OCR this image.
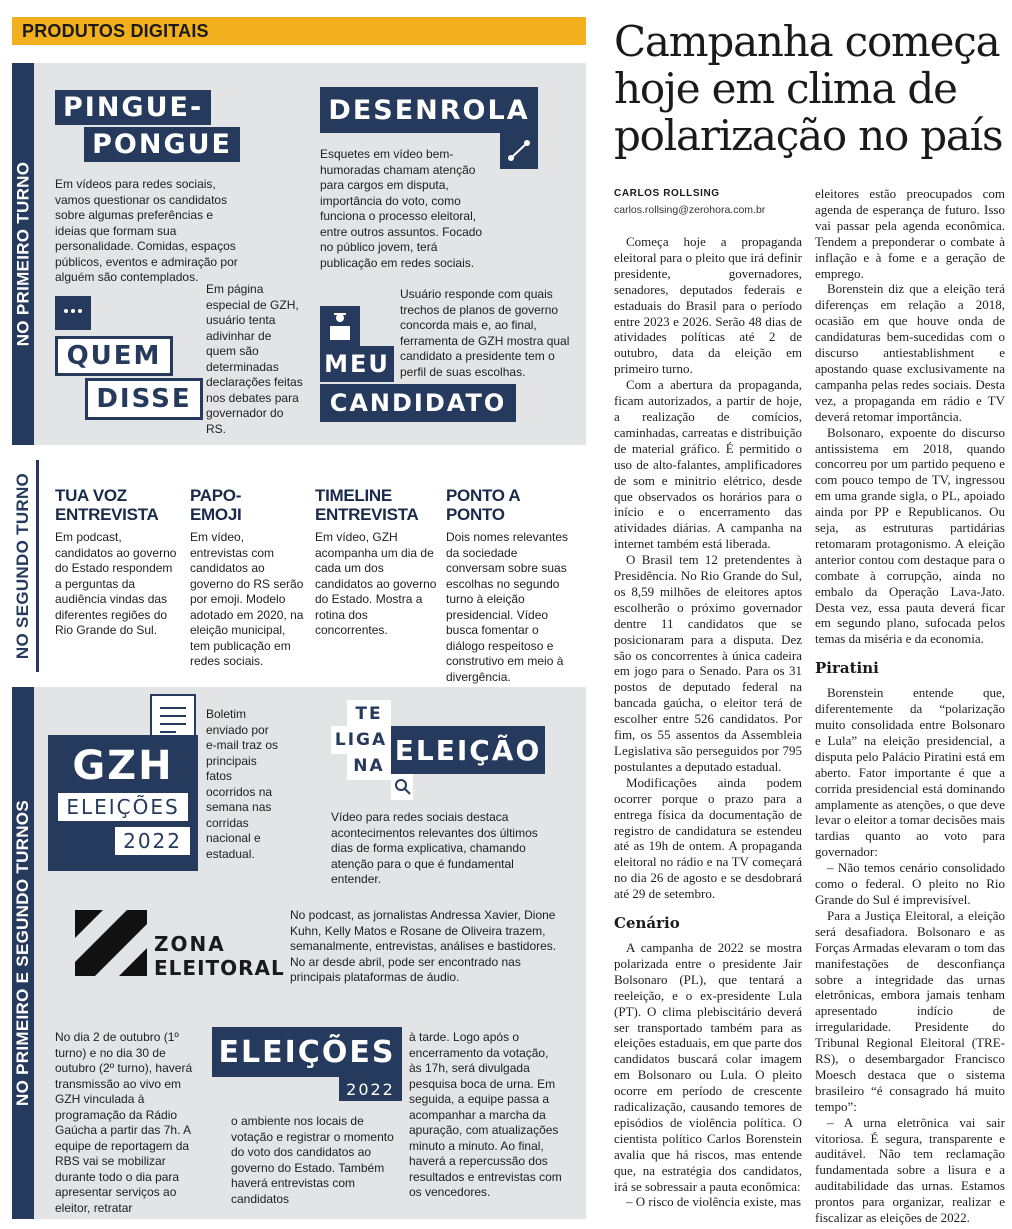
PRODUTOS DIGITAIS
NO PRIMEIRO TURNO
PINGUE-
PONGUE
Em vídeos para redes sociais, vamos questionar os candidatos sobre algumas preferências e ideias que formam sua personalidade. Comidas, espaços públicos, eventos e admiração por alguém são contemplados.
DESENROLA
Esquetes em vídeo bem-humoradas chamam atenção para cargos em disputa, importância do voto, como funciona o processo eleitoral, entre outros assuntos. Focado no público jovem, terá publicação em redes sociais.
QUEM
DISSE
Em página especial de GZH, usuário tenta adivinhar de quem são determinadas declarações feitas nos debates para governador do RS.
MEU
CANDIDATO
Usuário responde com quais trechos de planos de governo concorda mais e, ao final, ferramenta de GZH mostra qual candidato a presidente tem o perfil de suas escolhas.
NO SEGUNDO TURNO TUA VOZ ENTREVISTA
Em podcast, candidatos ao governo do Estado respondem a perguntas da audiência vindas das diferentes regiões do Rio Grande do Sul.
PAPO-EMOJI
Em vídeo, entrevistas com candidatos ao governo do RS serão por emoji. Modelo adotado em 2020, na eleição municipal, tem publicação em redes sociais.
TIMELINE ENTREVISTA
Em vídeo, GZH acompanha um dia de cada um dos candidatos ao governo do Estado. Mostra a rotina dos concorrentes.
PONTO A PONTO
Dois nomes relevantes da sociedade conversam sobre suas escolhas no segundo turno à eleição presidencial. Vídeo busca fomentar o diálogo respeitoso e construtivo em meio à divergência.
NO PRIMEIRO E SEGUNDO TURNOS
GZH
ELEIÇÕES
2022
Boletim enviado por e-mail traz os principais fatos ocorridos na semana nas corridas nacional e estadual.
TE
LIGA
NA ELEIÇÃO
Vídeo para redes sociais destaca acontecimentos relevantes dos últimos dias de forma explicativa, chamando atenção para o que é fundamental entender.
ZONA
ELEITORAL
No podcast, as jornalistas Andressa Xavier, Dione Kuhn, Kelly Matos e Rosane de Oliveira trazem, semanalmente, entrevistas, análises e bastidores. No ar desde abril, pode ser encontrado nas principais plataformas de áudio.
ELEIÇÕES
2022
No dia 2 de outubro (1º turno) e no dia 30 de outubro (2º turno), haverá transmissão ao vivo em GZH vinculada à programação da Rádio Gaúcha a partir das 7h. A equipe de reportagem da RBS vai se mobilizar durante todo o dia para apresentar serviços ao eleitor, retratar
o ambiente nos locais de votação e registrar o momento do voto dos candidatos ao governo do Estado. Também haverá entrevistas com candidatos
à tarde. Logo após o encerramento da votação, às 17h, será divulgada pesquisa boca de urna. Em seguida, a equipe passa a acompanhar a marcha da apuração, com atualizações minuto a minuto. Ao final, haverá a repercussão dos resultados e entrevistas com os vencedores.
Campanha começa hoje em clima de polarização no país
CARLOS ROLLSING
carlos.rollsing@zerohora.com.br

Começa hoje a propaganda eleitoral para o pleito que irá definir presidente, governadores, senadores, deputados federais e estaduais do Brasil para o período entre 2023 e 2026. Serão 48 dias de atividades políticas até 2 de outubro, data da eleição em primeiro turno.

Com a abertura da propaganda, ficam autorizados, a partir de hoje, a realização de comícios, caminhadas, carreatas e distribuição de material gráfico. É permitido o uso de alto-falantes, amplificadores de som e minitrio elétrico, desde que observados os horários para o início e o encerramento das atividades diárias. A campanha na internet também está liberada.

O Brasil tem 12 pretendentes à Presidência. No Rio Grande do Sul, os 8,59 milhões de eleitores aptos escolherão o próximo governador dentre 11 candidatos que se posicionaram para a disputa. Dez são os concorrentes à única cadeira em jogo para o Senado. Para os 31 postos de deputado federal na bancada gaúcha, o eleitor terá de escolher entre 526 candidatos. Por fim, os 55 assentos da Assembleia Legislativa são perseguidos por 795 postulantes a deputado estadual.

Modificações ainda podem ocorrer porque o prazo para a entrega física da documentação de registro de candidatura se estendeu até as 19h de ontem. A propaganda eleitoral no rádio e na TV começará no dia 26 de agosto e se desdobrará até 29 de setembro.

Cenário

A campanha de 2022 se mostra polarizada entre o presidente Jair Bolsonaro (PL), que tentará a reeleição, e o ex-presidente Lula (PT). O clima plebiscitário deverá ser transportado também para as eleições estaduais, em que parte dos candidatos buscará colar imagem em Bolsonaro ou Lula. O pleito ocorre em período de crescente radicalização, causando temores de episódios de violência política. O cientista político Carlos Borenstein avalia que há riscos, mas entende que, na estratégia dos candidatos, irá se sobressair a pauta econômica:

– O risco de violência existe, mas

eleitores estão preocupados com agenda de esperança de futuro. Isso vai passar pela agenda econômica. Tendem a preponderar o combate à inflação e à fome e a geração de emprego.

Borenstein diz que a eleição terá diferenças em relação a 2018, ocasião em que houve onda de candidaturas bem-sucedidas com o discurso antiestablishment e apostando quase exclusivamente na campanha pelas redes sociais. Desta vez, a propaganda em rádio e TV deverá retomar importância.

Bolsonaro, expoente do discurso antissistema em 2018, quando concorreu por um partido pequeno e com pouco tempo de TV, ingressou em uma grande sigla, o PL, apoiado ainda por PP e Republicanos. Ou seja, as estruturas partidárias retomaram protagonismo. A eleição anterior contou com destaque para o combate à corrupção, ainda no embalo da Operação Lava-Jato. Desta vez, essa pauta deverá ficar em segundo plano, sufocada pelos temas da miséria e da economia.

Piratini

Borenstein entende que, diferentemente da “polarização muito consolidada entre Bolsonaro e Lula” na eleição presidencial, a disputa pelo Palácio Piratini está em aberto. Fator importante é que a corrida presidencial está dominando amplamente as atenções, o que deve levar o eleitor a tomar decisões mais tardias quanto ao voto para governador:

– Não temos cenário consolidado como o federal. O pleito no Rio Grande do Sul é imprevisível.

Para a Justiça Eleitoral, a eleição será desafiadora. Bolsonaro e as Forças Armadas elevaram o tom das manifestações de desconfiança sobre a integridade das urnas eletrônicas, embora jamais tenham apresentado indício de irregularidade. Presidente do Tribunal Regional Eleitoral (TRE-RS), o desembargador Francisco Moesch destaca que o sistema brasileiro “é consagrado há muito tempo”:

– A urna eletrônica vai sair vitoriosa. É segura, transparente e auditável. Não tem reclamação fundamentada sobre a lisura e a auditabilidade das urnas. Estamos prontos para organizar, realizar e fiscalizar as eleições de 2022.
